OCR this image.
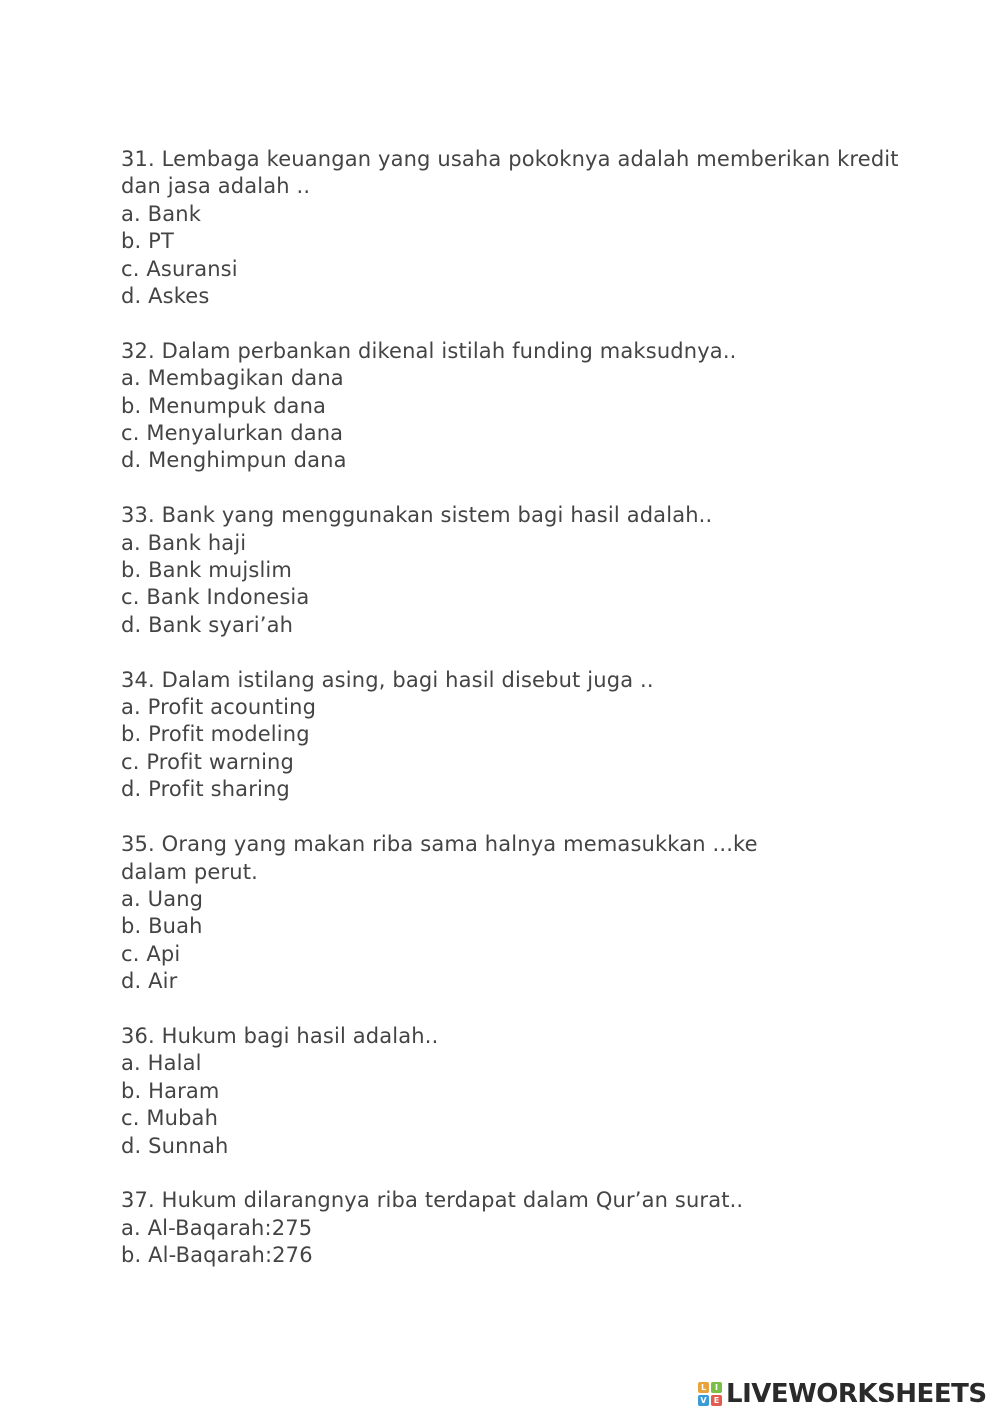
31. Lembaga keuangan yang usaha pokoknya adalah memberikan kredit dan jasa adalah ..
a. Bank
b. PT
c. Asuransi
d. Askes
32. Dalam perbankan dikenal istilah funding maksudnya..
a. Membagikan dana
b. Menumpuk dana
c. Menyalurkan dana
d. Menghimpun dana
33. Bank yang menggunakan sistem bagi hasil adalah..
a. Bank haji
b. Bank mujslim
c. Bank Indonesia
d. Bank syari’ah
34. Dalam istilang asing, bagi hasil disebut juga ..
a. Profit acounting
b. Profit modeling
c. Profit warning
d. Profit sharing
35. Orang yang makan riba sama halnya memasukkan ...ke dalam perut.
a. Uang
b. Buah
c. Api
d. Air
36. Hukum bagi hasil adalah..
a. Halal
b. Haram
c. Mubah
d. Sunnah
37. Hukum dilarangnya riba terdapat dalam Qur’an surat..
a. Al-Baqarah:275
b. Al-Baqarah:276
L	I
V E LIVEWORKSHEETS
